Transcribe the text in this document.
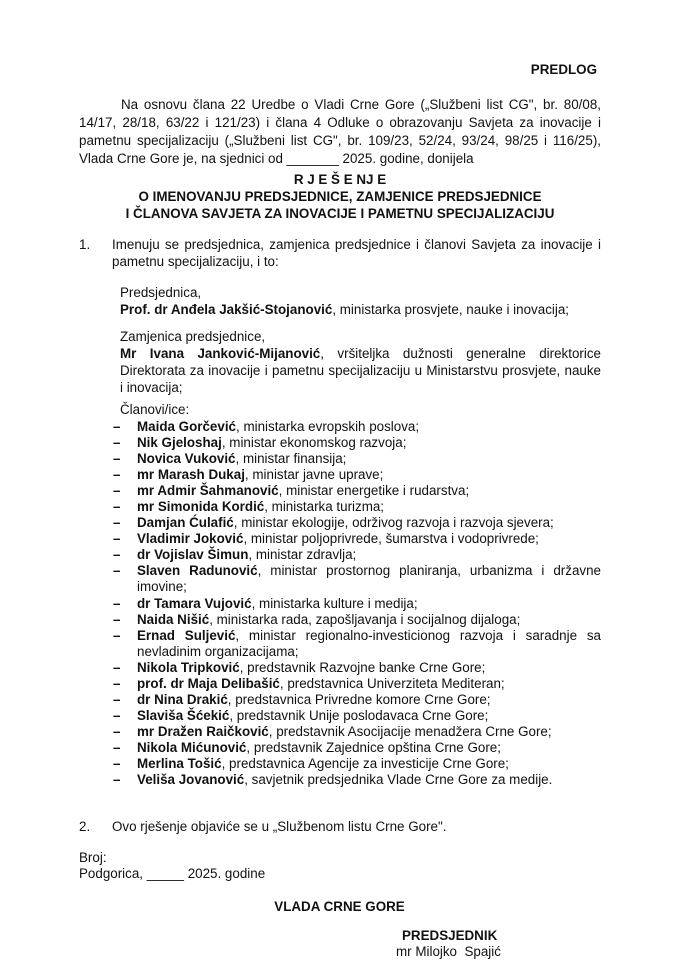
PREDLOG
Na osnovu člana 22 Uredbe o Vladi Crne Gore („Službeni list CG", br. 80/08, 14/17, 28/18, 63/22 i 121/23) i člana 4 Odluke o obrazovanju Savjeta za inovacije i pametnu specijalizaciju („Službeni list CG", br. 109/23, 52/24, 93/24, 98/25 i 116/25), Vlada Crne Gore je, na sjednici od _______ 2025. godine, donijela
R J E Š E NJ E
O IMENOVANJU PREDSJEDNICE, ZAMJENICE PREDSJEDNICE
I ČLANOVA SAVJETA ZA INOVACIJE I PAMETNU SPECIJALIZACIJU
1.	Imenuju se predsjednica, zamjenica predsjednice i članovi Savjeta za inovacije i pametnu specijalizaciju, i to:
Predsjednica,
Prof. dr Anđela Jakšić-Stojanović, ministarka prosvjete, nauke i inovacija;
Zamjenica predsjednice,
Mr Ivana Janković-Mijanović, vršiteljka dužnosti generalne direktorice Direktorata za inovacije i pametnu specijalizaciju u Ministarstvu prosvjete, nauke i inovacija;
Članovi/ice:
– Maida Gorčević, ministarka evropskih poslova;
– Nik Gjeloshaj, ministar ekonomskog razvoja;
– Novica Vuković, ministar finansija;
– mr Marash Dukaj, ministar javne uprave;
– mr Admir Šahmanović, ministar energetike i rudarstva;
– mr Simonida Kordić, ministarka turizma;
– Damjan Ćulafić, ministar ekologije, održivog razvoja i razvoja sjevera;
– Vladimir Joković, ministar poljoprivrede, šumarstva i vodoprivrede;
– dr Vojislav Šimun, ministar zdravlja;
– Slaven Radunović, ministar prostornog planiranja, urbanizma i državne imovine;
– dr Tamara Vujović, ministarka kulture i medija;
– Naida Nišić, ministarka rada, zapošljavanja i socijalnog dijaloga;
– Ernad Suljević, ministar regionalno-investicionog razvoja i saradnje sa nevladinim organizacijama;
– Nikola Tripković, predstavnik Razvojne banke Crne Gore;
– prof. dr Maja Delibašić, predstavnica Univerziteta Mediteran;
– dr Nina Drakić, predstavnica Privredne komore Crne Gore;
– Slaviša Šćekić, predstavnik Unije poslodavaca Crne Gore;
– mr Dražen Raičković, predstavnik Asocijacije menadžera Crne Gore;
– Nikola Mićunović, predstavnik Zajednice opština Crne Gore;
– Merlina Tošić, predstavnica Agencije za investicije Crne Gore;
– Veliša Jovanović, savjetnik predsjednika Vlade Crne Gore za medije.
2.	Ovo rješenje objaviće se u „Službenom listu Crne Gore".
Broj:
Podgorica, _____ 2025. godine
VLADA CRNE GORE
PREDSJEDNIK
mr Milojko  Spajić
